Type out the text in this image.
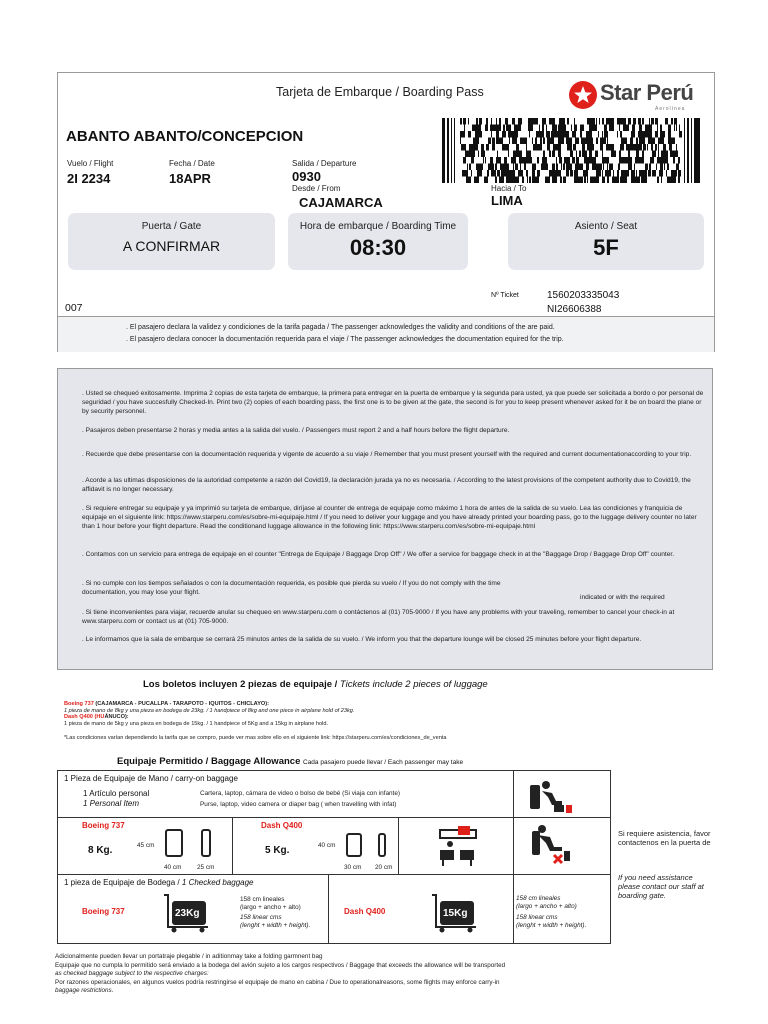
Tarjeta de Embarque / Boarding Pass	Star Perú
Aerolínea
ABANTO ABANTO/CONCEPCION
Vuelo / Flight
2I 2234
Fecha / Date
18APR
Salida / Departure
0930
Desde / From
CAJAMARCA
Hacia / To
LIMA
Puerta / Gate
A CONFIRMAR
Hora de embarque / Boarding Time
08:30
Asiento / Seat
5F
007
Nº Ticket	1560203335043
NI26606388
. El pasajero declara la validez y condiciones de la tarifa pagada / The passenger acknowledges the validity and conditions of the are paid.
. El pasajero declara conocer la documentación requerida para el viaje / The passenger acknowledges the documentation equired for the trip.
. Usted se chequeó exitosamente. Imprima 2 copias de esta tarjeta de embarque, la primera para entregar en la puerta de embarque y la segunda para usted, ya que puede ser solicitada a bordo o por personal de seguridad / you have succesfully Checked-In. Print two (2) copies of each boarding pass, the first one is to be given at the gate, the second is for you to keep present whenever asked for it be on board the plane or by security personnel.
. Pasajeros deben presentarse 2 horas y media antes a la salida del vuelo. / Passengers must report 2 and a half hours before the flight departure.
. Recuerde que debe presentarse con la documentación requerida y vigente de acuerdo a su viaje / Remember that you must present yourself with the required and current documentationaccording to your trip.
. Acorde a las ultimas disposiciones de la autoridad competente a razón del Covid19, la declaración jurada ya no es necesaria. / According to the latest provisions of the competent authority due to Covid19, the affidavit is no longer necessary.
. Si requiere entregar su equipaje y ya imprimió su tarjeta de embarque, diríjase al counter de entrega de equipaje como máximo 1 hora de antes de la salida de su vuelo. Lea las condiciones y franquicia de equipaje en el siguiente link: https://www.starperu.com/es/sobre-mi-equipaje.html / If you need to deliver your luggage and you have already printed your boarding pass, go to the luggage delivery counter no later than 1 hour before your flight departure. Read the conditionand luggage allowance in the following link: https://www.starperu.com/es/sobre-mi-equipaje.html
. Contamos con un servicio para entrega de equipaje en el counter "Entrega de Equipaje / Baggage Drop Off" / We offer a service for baggage check in at the "Baggage Drop / Baggage Drop Off" counter.
. Si no cumple con los tiempos señalados o con la documentación requerida, es posible que pierda su vuelo / If you do not comply with the time
documentation, you may lose your flight.
indicated or with the required
. Si tiene inconvenientes para viajar, recuerde anular su chequeo en www.starperu.com o contáctenos al (01) 705-9000 / If you have any problems with your traveling, remember to cancel your check-in at www.starperu.com or contact us at (01) 705-9000.
. Le informamos que la sala de embarque se cerrará 25 minutos antes de la salida de su vuelo. / We inform you that the departure lounge will be closed 25 minutes before your flight departure.
Los boletos incluyen 2 piezas de equipaje / Tickets include 2 pieces of luggage
Boeing 737 (CAJAMARCA - PUCALLPA - TARAPOTO - IQUITOS - CHICLAYO):
1 pieza de mano de 8kg y una pieza en bodega de 23kg. / 1 handpiece of 8kg and one piece in airplane hold of 23kg.
Dash Q400 (HUÁNUCO):
1 pieza de mano de 5kg y una pieza en bodega de 15kg. / 1 handpiece of 5Kg and a 15kg in airplane hold.
*Las condiciones varían dependiendo la tarifa que se compro, puede ver mas sobre ello en el siguiente link: https://starperu.com/es/condiciones_de_venta
Equipaje Permitido / Baggage Allowance Cada pasajero puede llevar / Each passenger may take
1 Pieza de Equipaje de Mano / carry-on baggage
1 Artículo personal
1 Personal Item
Cartera, laptop, cámara de video o bolso de bebé (Si viaja con infante)
Purse, laptop, video camera or diaper bag ( when travelling with infat)
Boeing 737
8 Kg.	45 cm
40 cm 25 cm
Dash Q400
5 Kg.	40 cm
30 cm 20 cm
1 pieza de Equipaje de Bodega / 1 Checked baggage
Boeing 737	23Kg
158 cm lineales
(largo + ancho + alto)
158 linear cms
(lenght + width + height).
Dash Q400	15Kg
158 cm lineales
(largo + ancho + alto)
158 linear cms
(lenght + width + height).
Si requiere asistencia, favor contactenos en la puerta de
If you need assistance please contact our staff at boarding gate.
Adicionalmente pueden llevar un portatraje plegable / in aditionmay take a folding garmnent bag
Equipaje que no cumpla lo permitido será enviado a la bodega del avión sujeto a los cargos respectivos / Baggage that exceeds the allowance will be transported
as checked baggage subject to the respective charges:
Por razones operacionales, en algunos vuelos podría restringirse el equipaje de mano en cabina / Due to operationalreasons, some flights may enforce carry-in
baggage restrictions.
